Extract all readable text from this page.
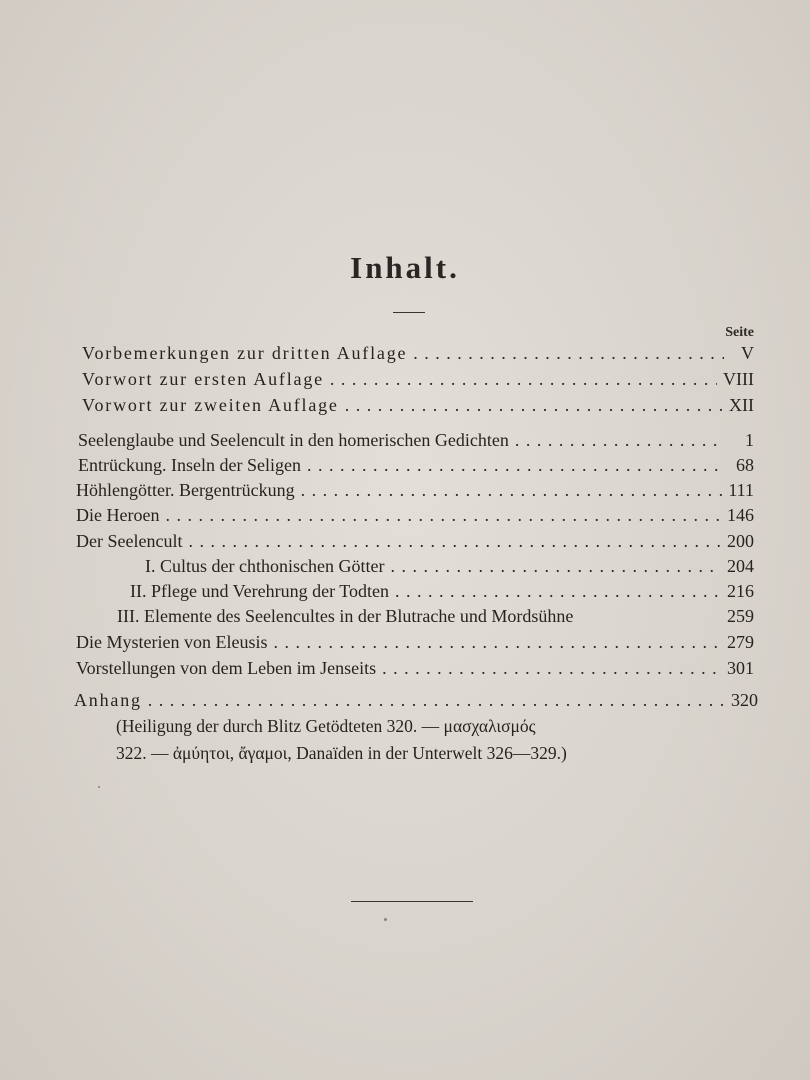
Inhalt.
Seite
Vorbemerkungen zur dritten Auflage . . .	V
Vorwort zur ersten Auflage . . .	VIII
Vorwort zur zweiten Auflage . . .	XII
Seelenglaube und Seelencult in den homerischen Gedichten . . .	1
Entrückung. Inseln der Seligen . . .	68
Höhlengötter. Bergentrückung . . .	111
Die Heroen . . .	146
Der Seelencult . . .	200
I. Cultus der chthonischen Götter . . .	204
II. Pflege und Verehrung der Todten . . .	216
III. Elemente des Seelencultes in der Blutrache und Mordsühne	259
Die Mysterien von Eleusis . . .	279
Vorstellungen von dem Leben im Jenseits . . .	301
Anhang . . .	320
(Heiligung der durch Blitz Getödteten 320. — μασχαλισμός
322. — ἀμύητοι, ἄγαμοι, Danaïden in der Unterwelt 326—329.)
